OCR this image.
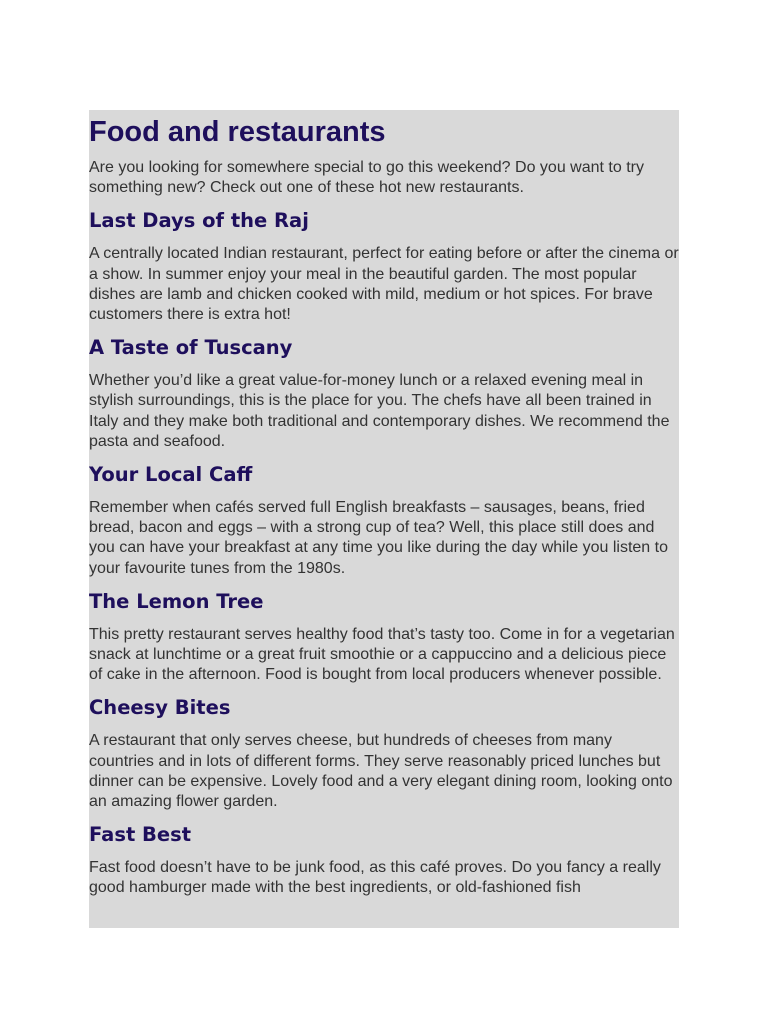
Food and restaurants

Are you looking for somewhere special to go this weekend? Do you want to try something new? Check out one of these hot new restaurants.

Last Days of the Raj

A centrally located Indian restaurant, perfect for eating before or after the cinema or a show. In summer enjoy your meal in the beautiful garden. The most popular dishes are lamb and chicken cooked with mild, medium or hot spices. For brave customers there is extra hot!

A Taste of Tuscany

Whether you’d like a great value-for-money lunch or a relaxed evening meal in stylish surroundings, this is the place for you. The chefs have all been trained in Italy and they make both traditional and contemporary dishes. We recommend the pasta and seafood.

Your Local Caff

Remember when cafés served full English breakfasts – sausages, beans, fried bread, bacon and eggs – with a strong cup of tea? Well, this place still does and you can have your breakfast at any time you like during the day while you listen to your favourite tunes from the 1980s.

The Lemon Tree

This pretty restaurant serves healthy food that’s tasty too. Come in for a vegetarian snack at lunchtime or a great fruit smoothie or a cappuccino and a delicious piece of cake in the afternoon. Food is bought from local producers whenever possible.

Cheesy Bites

A restaurant that only serves cheese, but hundreds of cheeses from many countries and in lots of different forms. They serve reasonably priced lunches but dinner can be expensive. Lovely food and a very elegant dining room, looking onto an amazing flower garden.

Fast Best

Fast food doesn’t have to be junk food, as this café proves. Do you fancy a really good hamburger made with the best ingredients, or old-fashioned fish
